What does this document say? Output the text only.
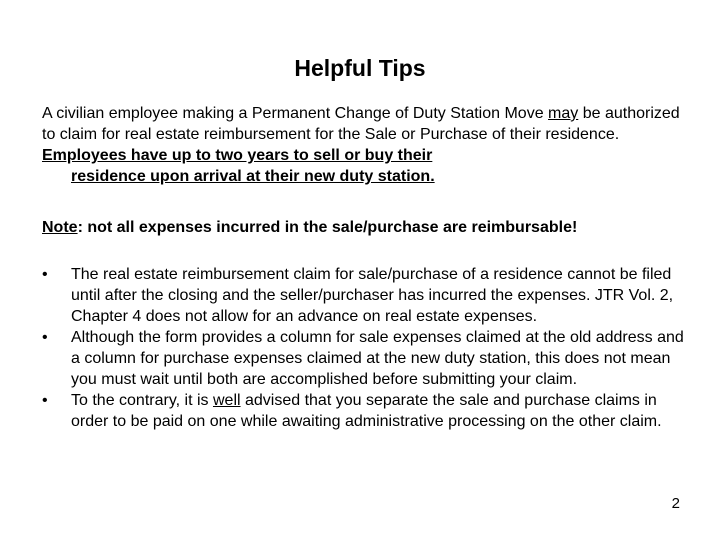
Helpful Tips
A civilian employee making a Permanent Change of Duty Station Move may be authorized to claim for real estate reimbursement for the Sale or Purchase of their residence. Employees have up to two years to sell or buy their
residence upon arrival at their new duty station.
Note: not all expenses incurred in the sale/purchase are reimbursable!
•	The real estate reimbursement claim for sale/purchase of a residence cannot be filed until after the closing and the seller/purchaser has incurred the expenses. JTR Vol. 2, Chapter 4 does not allow for an advance on real estate expenses.
•	Although the form provides a column for sale expenses claimed at the old address and a column for purchase expenses claimed at the new duty station, this does not mean you must wait until both are accomplished before submitting your claim.
•	To the contrary, it is well advised that you separate the sale and purchase claims in order to be paid on one while awaiting administrative processing on the other claim.
2
